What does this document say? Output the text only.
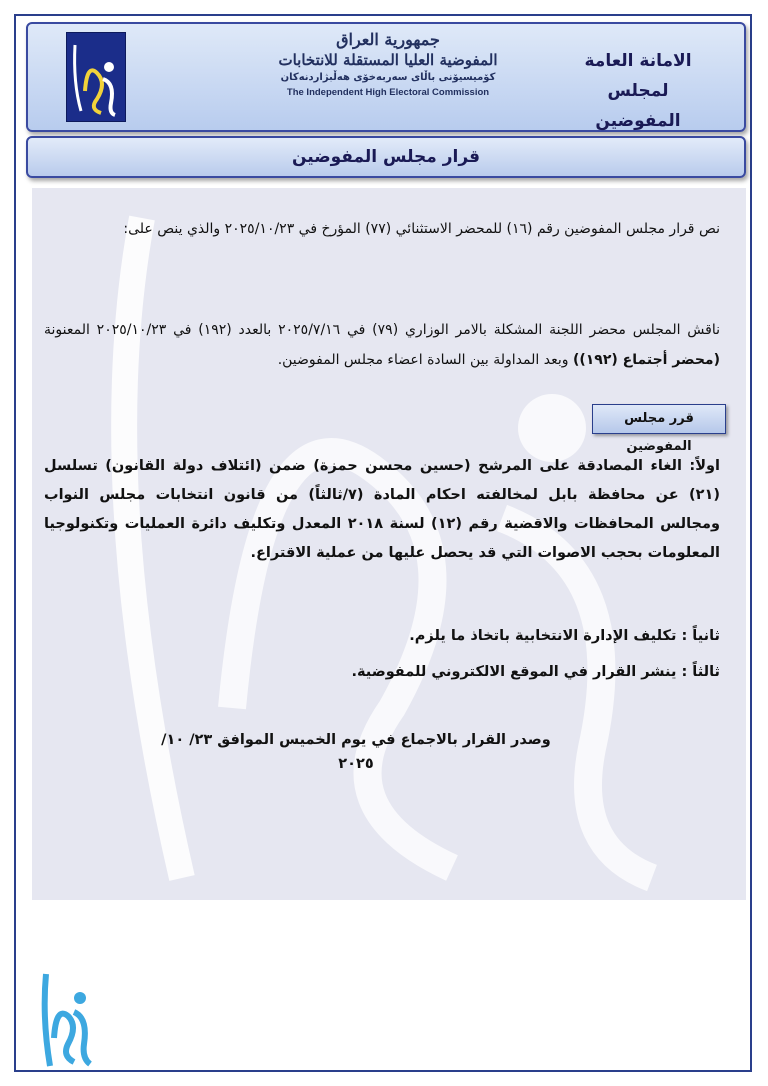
جمهورية العراق
المفوضية العليا المستقلة للانتخابات
كۆميسيۆنی باڵای سەربەخۆی هەڵبژاردنەکان
The Independent High Electoral Commission
الامانة العامة
لمجلس المفوضين
قرار مجلس المفوضين
نص قرار مجلس المفوضين رقم (١٦) للمحضر الاستثنائي (٧٧) المؤرخ في ٢٠٢٥/١٠/٢٣ والذي ينص على:
ناقش المجلس محضر اللجنة المشكلة بالامر الوزاري (٧٩) في ٢٠٢٥/٧/١٦ بالعدد (١٩٢) في ٢٠٢٥/١٠/٢٣ المعنونة (محضر أجتماع (١٩٢)) وبعد المداولة بين السادة اعضاء مجلس المفوضين.
قرر مجلس المفوضين
اولاً: الغاء المصادقة على المرشح (حسين محسن حمزة) ضمن (ائتلاف دولة القانون) تسلسل (٢١) عن محافظة بابل لمخالفته احكام المادة (٧/ثالثاً) من قانون انتخابات مجلس النواب ومجالس المحافظات والاقضية رقم (١٢) لسنة ٢٠١٨ المعدل وتكليف دائرة العمليات وتكنولوجيا المعلومات بحجب الاصوات التي قد يحصل عليها من عملية الاقتراع.
ثانياً : تكليف الإدارة الانتخابية باتخاذ ما يلزم.
ثالثاً : ينشر القرار في الموقع الالكتروني للمفوضية.
وصدر القرار بالاجماع في يوم الخميس الموافق ٢٣/ ١٠/ ٢٠٢٥
